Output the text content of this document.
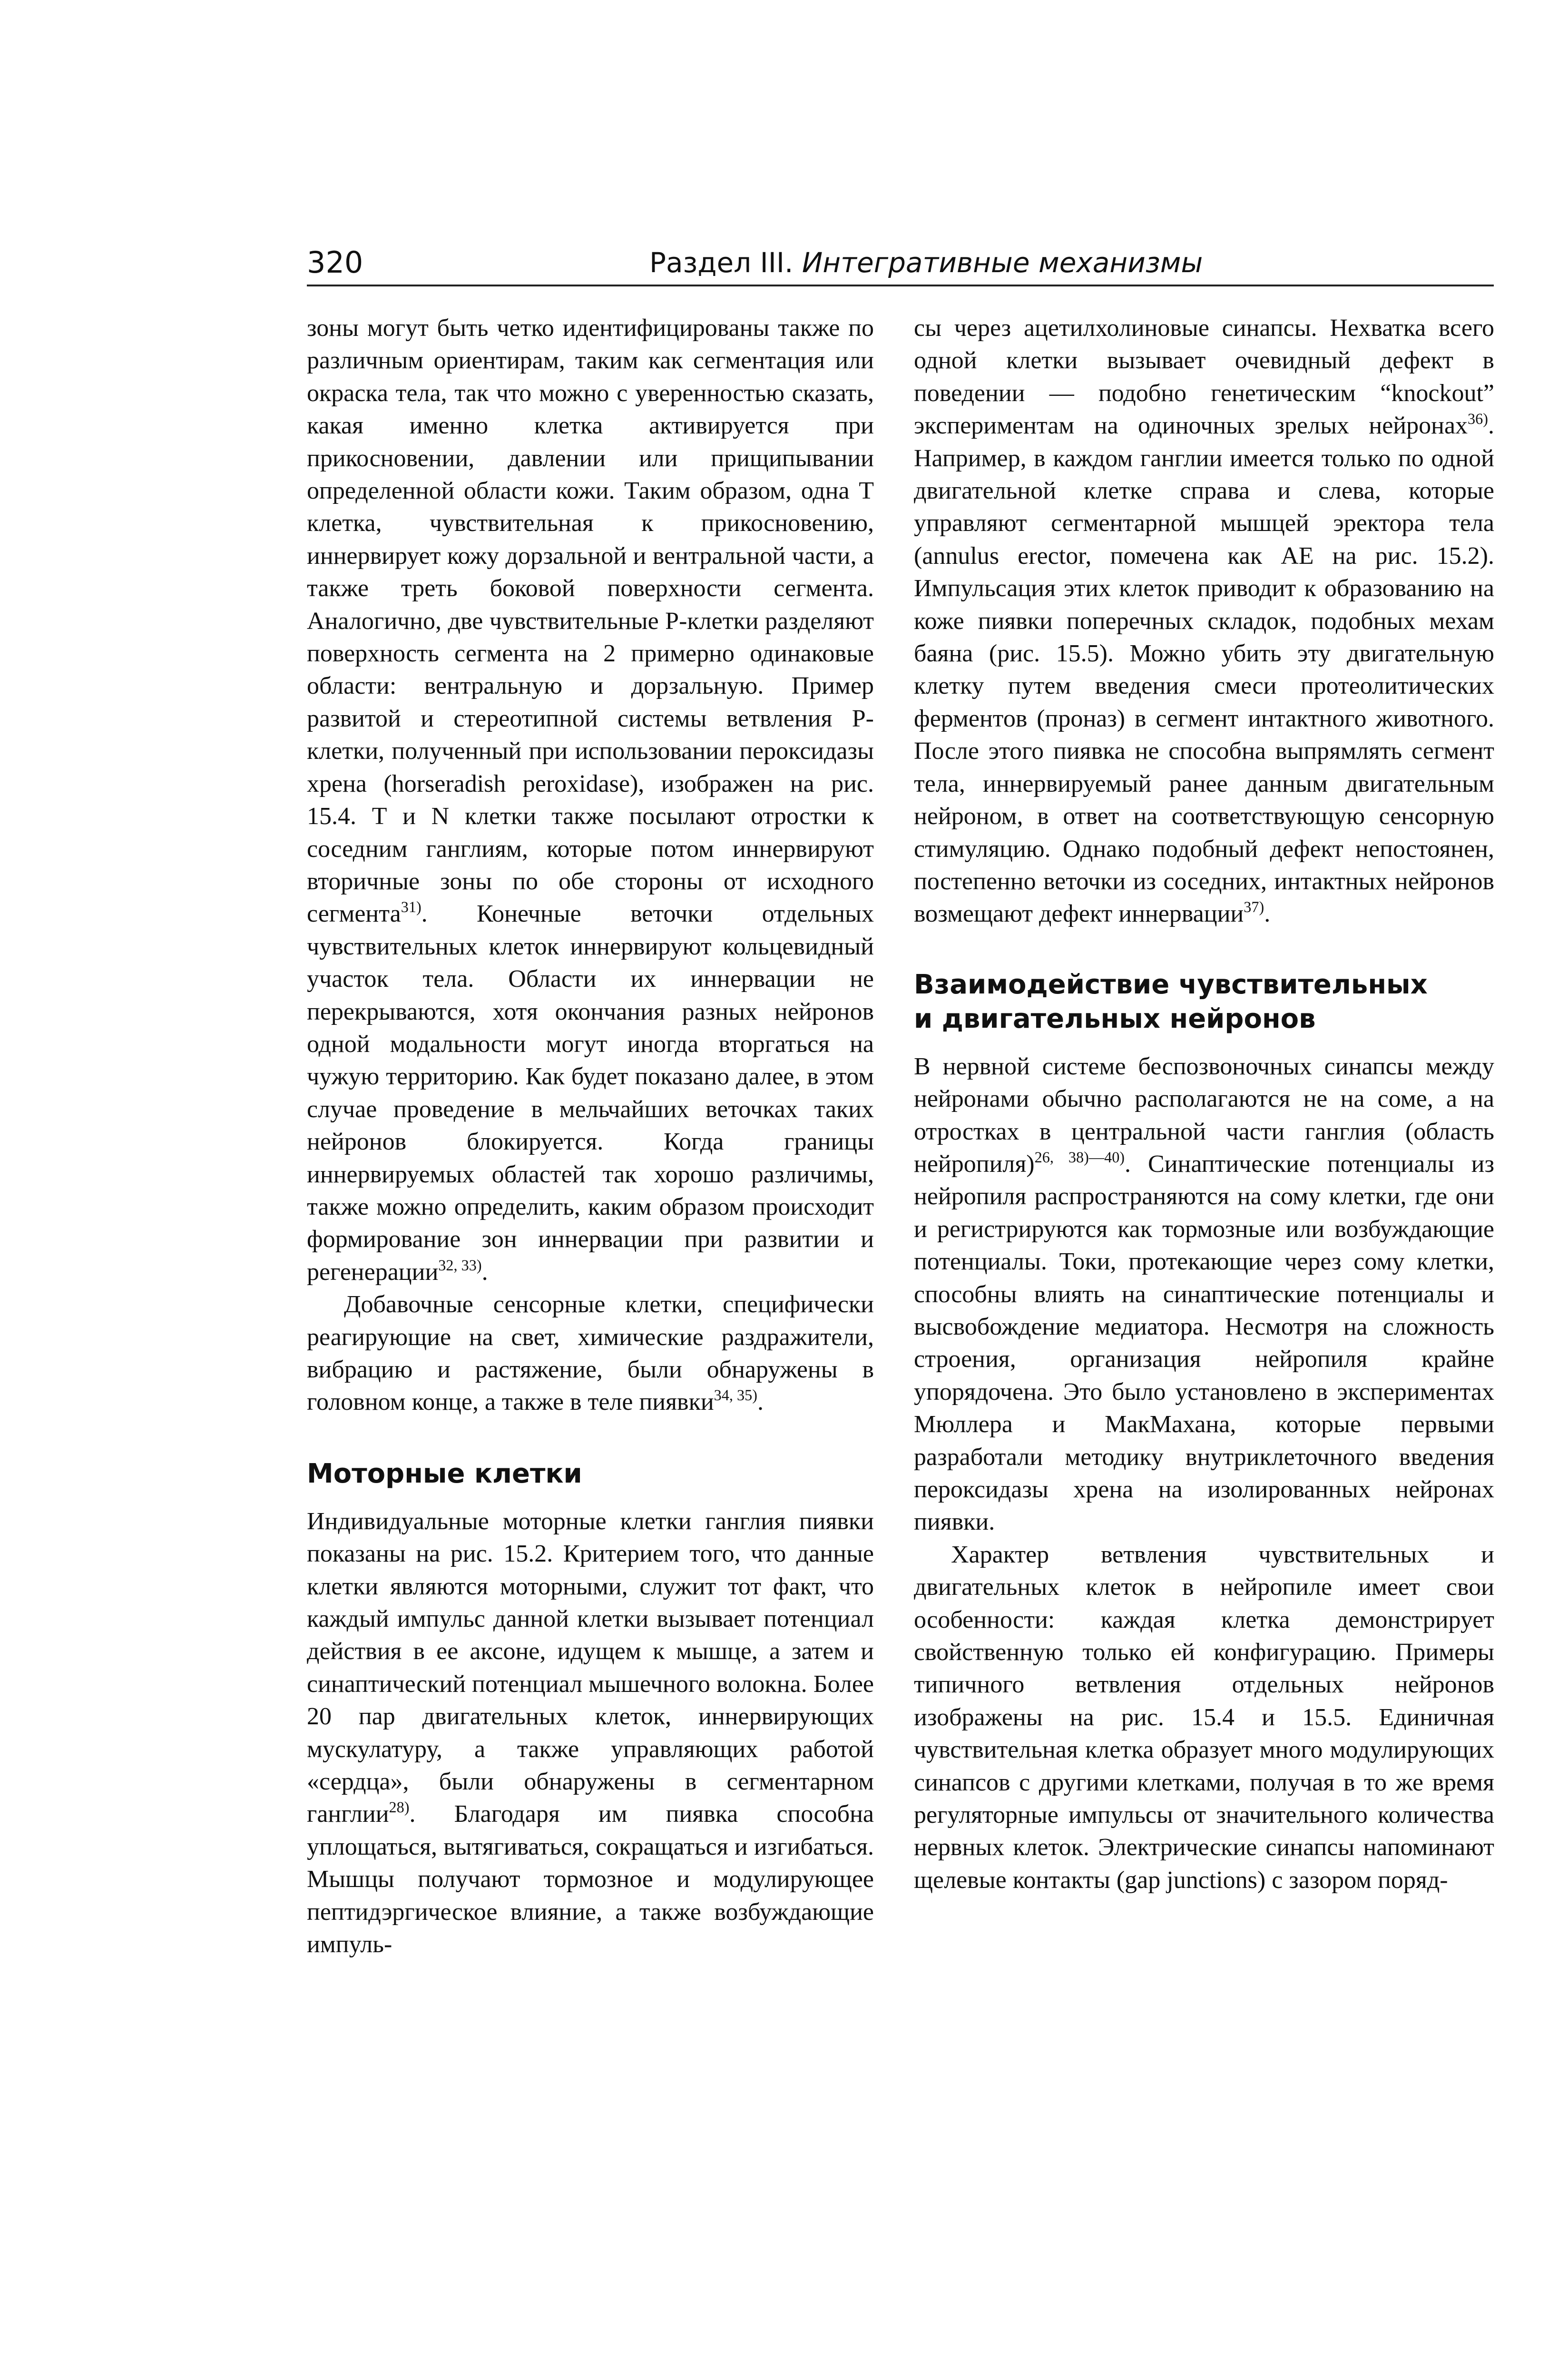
320	Раздел III. Интегративные механизмы

зоны могут быть четко идентифицированы также по различным ориентирам, таким как сегментация или окраска тела, так что можно с уверенностью сказать, какая именно клетка активируется при прикосновении, давлении или прищипывании определенной области кожи. Таким образом, одна Т клетка, чувствительная к прикосновению, иннервирует кожу дорзальной и вентральной части, а также треть боковой поверхности сегмента. Аналогично, две чувствительные Р-клетки разделяют поверхность сегмента на 2 примерно одинаковые области: вентральную и дорзальную. Пример развитой и стереотипной системы ветвления Р-клетки, полученный при использовании пероксидазы хрена (horseradish peroxidase), изображен на рис. 15.4. Т и N клетки также посылают отростки к соседним ганглиям, которые потом иннервируют вторичные зоны по обе стороны от исходного сегмента$^{31)}$. Конечные веточки отдельных чувствительных клеток иннервируют кольцевидный участок тела. Области их иннервации не перекрываются, хотя окончания разных нейронов одной модальности могут иногда вторгаться на чужую территорию. Как будет показано далее, в этом случае проведение в мельчайших веточках таких нейронов блокируется. Когда границы иннервируемых областей так хорошо различимы, также можно определить, каким образом происходит формирование зон иннервации при развитии и регенерации$^{32, 33)}$.

Добавочные сенсорные клетки, специфически реагирующие на свет, химические раздражители, вибрацию и растяжение, были обнаружены в головном конце, а также в теле пиявки$^{34, 35)}$.

Моторные клетки

Индивидуальные моторные клетки ганглия пиявки показаны на рис. 15.2. Критерием того, что данные клетки являются моторными, служит тот факт, что каждый импульс данной клетки вызывает потенциал действия в ее аксоне, идущем к мышце, а затем и синаптический потенциал мышечного волокна. Более 20 пар двигательных клеток, иннервирующих мускулатуру, а также управляющих работой «сердца», были обнаружены в сегментарном ганглии$^{28)}$. Благодаря им пиявка способна уплощаться, вытягиваться, сокращаться и изгибаться. Мышцы получают тормозное и модулирующее пептидэргическое влияние, а также возбуждающие импуль-

сы через ацетилхолиновые синапсы. Нехватка всего одной клетки вызывает очевидный дефект в поведении — подобно генетическим “knockout” экспериментам на одиночных зрелых нейронах$^{36)}$. Например, в каждом ганглии имеется только по одной двигательной клетке справа и слева, которые управляют сегментарной мышцей эректора тела (annulus erector, помечена как АЕ на рис. 15.2). Импульсация этих клеток приводит к образованию на коже пиявки поперечных складок, подобных мехам баяна (рис. 15.5). Можно убить эту двигательную клетку путем введения смеси протеолитических ферментов (проназ) в сегмент интактного животного. После этого пиявка не способна выпрямлять сегмент тела, иннервируемый ранее данным двигательным нейроном, в ответ на соответствующую сенсорную стимуляцию. Однако подобный дефект непостоянен, постепенно веточки из соседних, интактных нейронов возмещают дефект иннервации$^{37)}$.

Взаимодействие чувствительных
и двигательных нейронов

В нервной системе беспозвоночных синапсы между нейронами обычно располагаются не на соме, а на отростках в центральной части ганглия (область нейропиля)$^{26, 38)—40)}$. Синаптические потенциалы из нейропиля распространяются на сому клетки, где они и регистрируются как тормозные или возбуждающие потенциалы. Токи, протекающие через сому клетки, способны влиять на синаптические потенциалы и высвобождение медиатора. Несмотря на сложность строения, организация нейропиля крайне упорядочена. Это было установлено в экспериментах Мюллера и МакМахана, которые первыми разработали методику внутриклеточного введения пероксидазы хрена на изолированных нейронах пиявки.

Характер ветвления чувствительных и двигательных клеток в нейропиле имеет свои особенности: каждая клетка демонстрирует свойственную только ей конфигурацию. Примеры типичного ветвления отдельных нейронов изображены на рис. 15.4 и 15.5. Единичная чувствительная клетка образует много модулирующих синапсов с другими клетками, получая в то же время регуляторные импульсы от значительного количества нервных клеток. Электрические синапсы напоминают щелевые контакты (gap junctions) с зазором поряд-
